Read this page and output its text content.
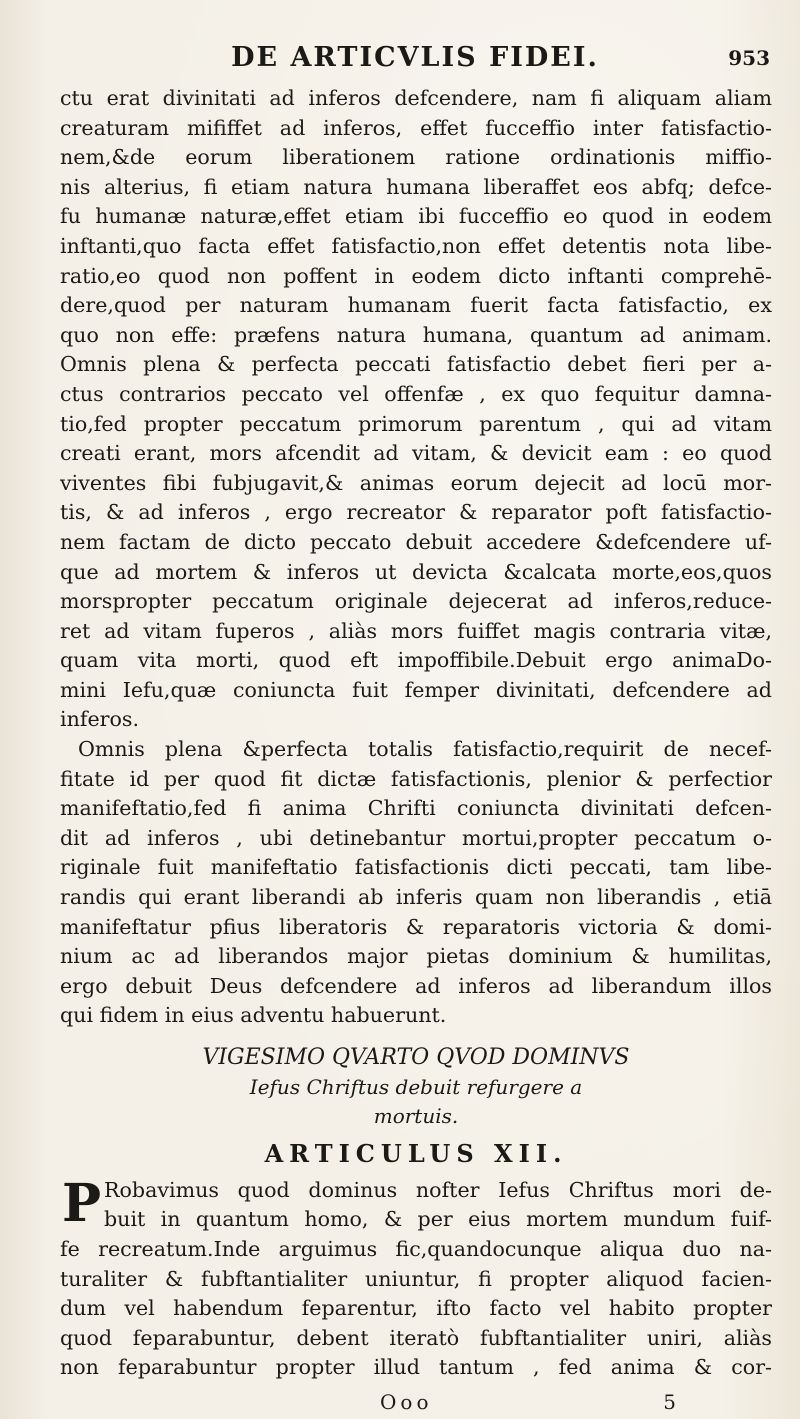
DE ARTICVLIS FIDEI.	953
ctu erat divinitati ad inferos defcendere, nam fi aliquam aliam
creaturam mififfet ad inferos, effet fucceffio inter fatisfactio-
nem,&de eorum liberationem ratione ordinationis miffio-
nis alterius, fi etiam natura humana liberaffet eos abfq; defce-
fu humanæ naturæ,effet etiam ibi fucceffio eo quod in eodem
inftanti,quo facta effet fatisfactio,non effet detentis nota libe-
ratio,eo quod non poffent in eodem dicto inftanti comprehē-
dere,quod per naturam humanam fuerit facta fatisfactio, ex
quo non effe: præfens natura humana, quantum ad animam.
Omnis plena & perfecta peccati fatisfactio debet fieri per a-
ctus contrarios peccato vel offenfæ , ex quo fequitur damna-
tio,fed propter peccatum primorum parentum , qui ad vitam
creati erant, mors afcendit ad vitam, & devicit eam : eo quod
viventes fibi fubjugavit,& animas eorum dejecit ad locū mor-
tis, & ad inferos , ergo recreator & reparator poft fatisfactio-
nem factam de dicto peccato debuit accedere &defcendere uf-
que ad mortem & inferos ut devicta &calcata morte,eos,quos
morspropter peccatum originale dejecerat ad inferos,reduce-
ret ad vitam fuperos , aliàs mors fuiffet magis contraria vitæ,
quam vita morti, quod eft impoffibile.Debuit ergo animaDo-
mini Iefu,quæ coniuncta fuit femper divinitati, defcendere ad
inferos.
Omnis plena &perfecta totalis fatisfactio,requirit de necef-
fitate id per quod fit dictæ fatisfactionis, plenior & perfectior
manifeftatio,fed fi anima Chrifti coniuncta divinitati defcen-
dit ad inferos , ubi detinebantur mortui,propter peccatum o-
riginale fuit manifeftatio fatisfactionis dicti peccati, tam libe-
randis qui erant liberandi ab inferis quam non liberandis , etiā
manifeftatur pfius liberatoris & reparatoris victoria & domi-
nium ac ad liberandos major pietas dominium & humilitas,
ergo debuit Deus defcendere ad inferos ad liberandum illos
qui fidem in eius adventu habuerunt.
VIGESIMO QVARTO QVOD DOMINVS
Iefus Chriftus debuit refurgere a
mortuis.
ARTICULUS XII.
P Robavimus quod dominus nofter Iefus Chriftus mori de-
buit in quantum homo, & per eius mortem mundum fuif-
fe recreatum.Inde arguimus fic,quandocunque aliqua duo na-
turaliter & fubftantialiter uniuntur, fi propter aliquod facien-
dum vel habendum feparentur, ifto facto vel habito propter
quod feparabuntur, debent iteratò fubftantialiter uniri, aliàs
non feparabuntur propter illud tantum , fed anima & cor-
Ooo	5
